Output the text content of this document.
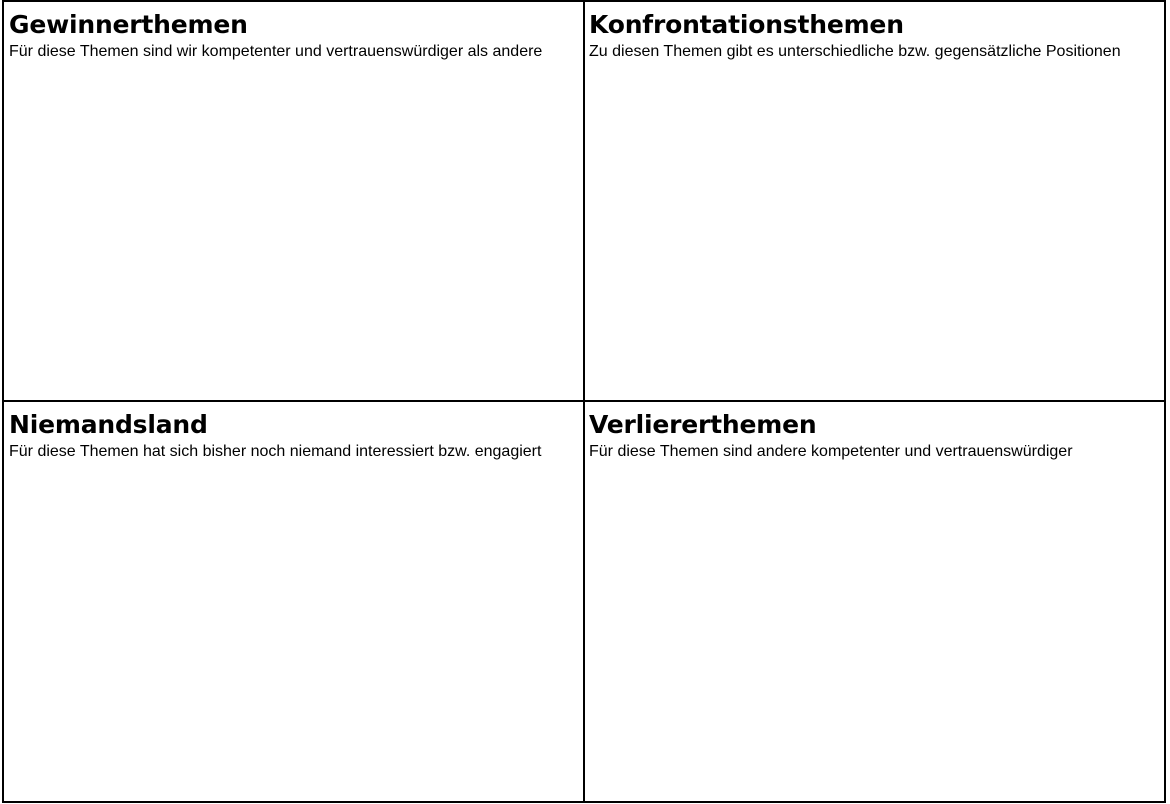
Gewinnerthemen
Für diese Themen sind wir kompetenter und vertrauenswürdiger als andere
Konfrontationsthemen
Zu diesen Themen gibt es unterschiedliche bzw. gegensätzliche Positionen
Niemandsland
Für diese Themen hat sich bisher noch niemand interessiert bzw. engagiert
Verliererthemen
Für diese Themen sind andere kompetenter und vertrauenswürdiger
